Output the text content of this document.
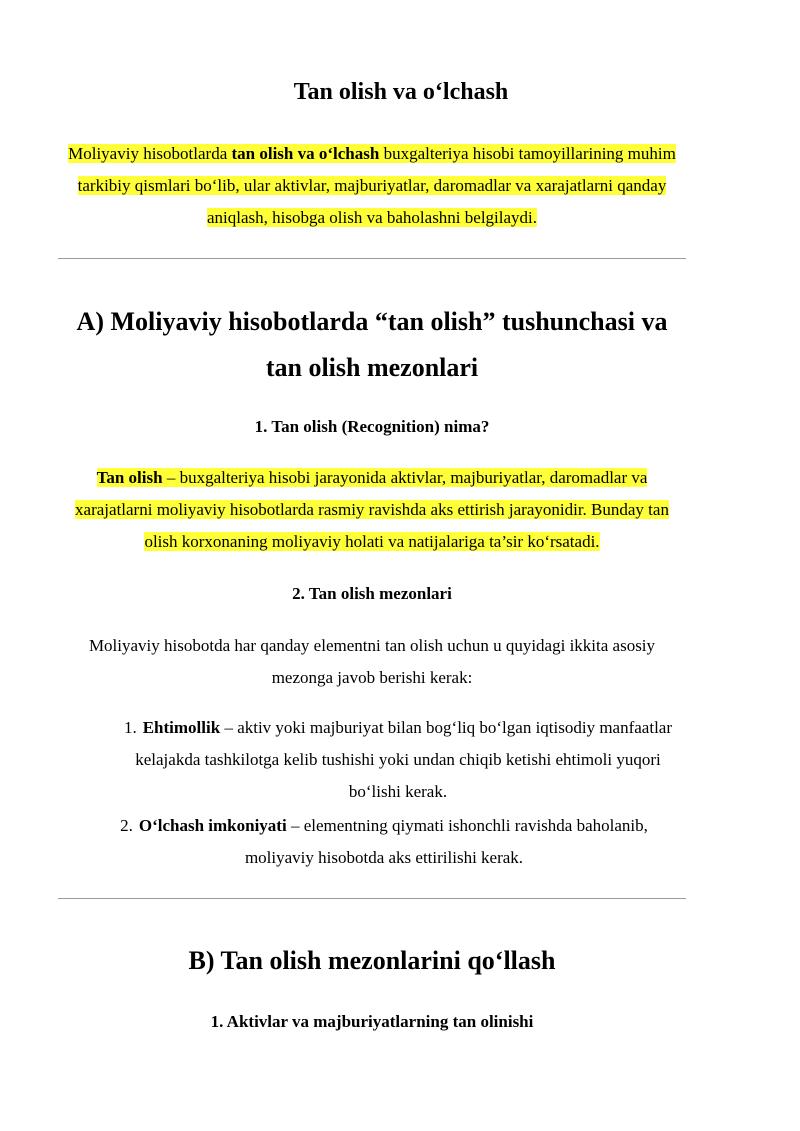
Tan olish va o‘lchash
Moliyaviy hisobotlarda tan olish va o‘lchash buxgalteriya hisobi tamoyillarining muhim tarkibiy qismlari bo‘lib, ular aktivlar, majburiyatlar, daromadlar va xarajatlarni qanday aniqlash, hisobga olish va baholashni belgilaydi.
A) Moliyaviy hisobotlarda “tan olish” tushunchasi va tan olish mezonlari
1. Tan olish (Recognition) nima?
Tan olish – buxgalteriya hisobi jarayonida aktivlar, majburiyatlar, daromadlar va xarajatlarni moliyaviy hisobotlarda rasmiy ravishda aks ettirish jarayonidir. Bunday tan olish korxonaning moliyaviy holati va natijalariga ta’sir ko‘rsatadi.
2. Tan olish mezonlari
Moliyaviy hisobotda har qanday elementni tan olish uchun u quyidagi ikkita asosiy mezonga javob berishi kerak:
1. Ehtimollik – aktiv yoki majburiyat bilan bog‘liq bo‘lgan iqtisodiy manfaatlar kelajakda tashkilotga kelib tushishi yoki undan chiqib ketishi ehtimoli yuqori bo‘lishi kerak.
2. O‘lchash imkoniyati – elementning qiymati ishonchli ravishda baholanib, moliyaviy hisobotda aks ettirilishi kerak.
B) Tan olish mezonlarini qo‘llash
1. Aktivlar va majburiyatlarning tan olinishi
